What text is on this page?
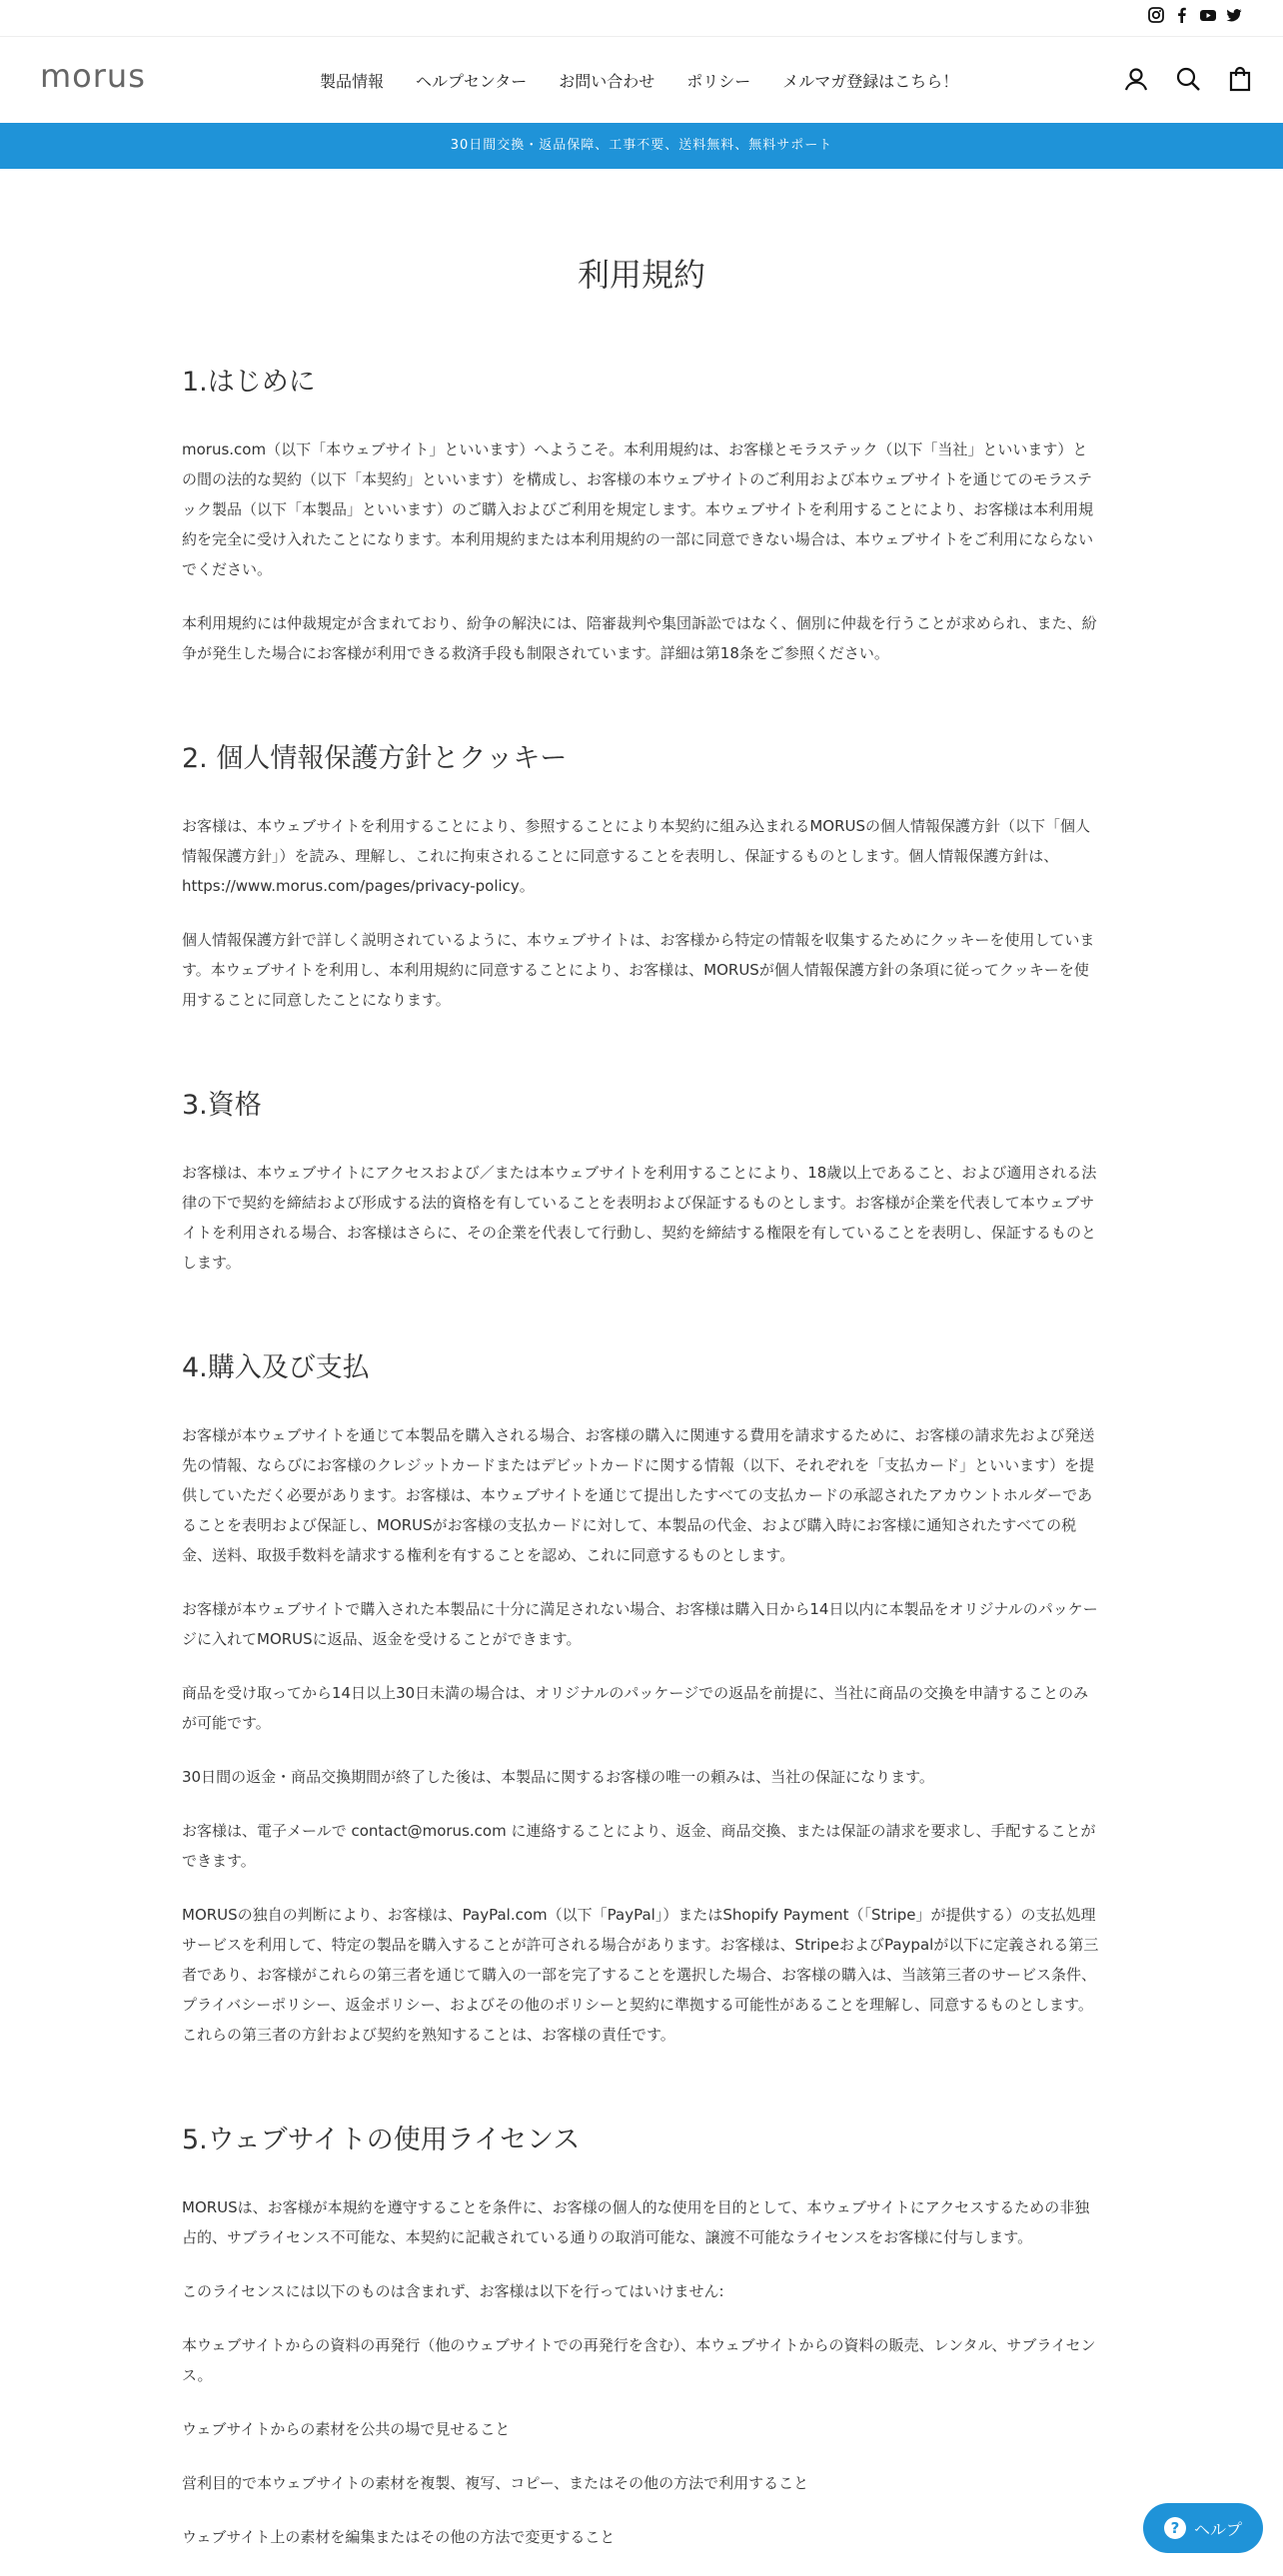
morus	製品情報 ヘルプセンター お問い合わせ ポリシー メルマガ登録はこちら！
30日間交換・返品保障、工事不要、送料無料、無料サポート
利用規約
1.はじめに

morus.com（以下「本ウェブサイト」といいます）へようこそ。本利用規約は、お客様とモラステック（以下「当社」といいます）との間の法的な契約（以下「本契約」といいます）を構成し、お客様の本ウェブサイトのご利用および本ウェブサイトを通じてのモラステック製品（以下「本製品」といいます）のご購入およびご利用を規定します。本ウェブサイトを利用することにより、お客様は本利用規約を完全に受け入れたことになります。本利用規約または本利用規約の一部に同意できない場合は、本ウェブサイトをご利用にならないでください。

本利用規約には仲裁規定が含まれており、紛争の解決には、陪審裁判や集団訴訟ではなく、個別に仲裁を行うことが求められ、また、紛争が発生した場合にお客様が利用できる救済手段も制限されています。詳細は第18条をご参照ください。

2. 個人情報保護方針とクッキー

お客様は、本ウェブサイトを利用することにより、参照することにより本契約に組み込まれるMORUSの個人情報保護方針（以下「個人情報保護方針」）を読み、理解し、これに拘束されることに同意することを表明し、保証するものとします。個人情報保護方針は、https://www.morus.com/pages/privacy-policy。

個人情報保護方針で詳しく説明されているように、本ウェブサイトは、お客様から特定の情報を収集するためにクッキーを使用しています。本ウェブサイトを利用し、本利用規約に同意することにより、お客様は、MORUSが個人情報保護方針の条項に従ってクッキーを使用することに同意したことになります。

3.資格

お客様は、本ウェブサイトにアクセスおよび／または本ウェブサイトを利用することにより、18歳以上であること、および適用される法律の下で契約を締結および形成する法的資格を有していることを表明および保証するものとします。お客様が企業を代表して本ウェブサイトを利用される場合、お客様はさらに、その企業を代表して行動し、契約を締結する権限を有していることを表明し、保証するものとします。

4.購入及び支払

お客様が本ウェブサイトを通じて本製品を購入される場合、お客様の購入に関連する費用を請求するために、お客様の請求先および発送先の情報、ならびにお客様のクレジットカードまたはデビットカードに関する情報（以下、それぞれを「支払カード」といいます）を提供していただく必要があります。お客様は、本ウェブサイトを通じて提出したすべての支払カードの承認されたアカウントホルダーであることを表明および保証し、MORUSがお客様の支払カードに対して、本製品の代金、および購入時にお客様に通知されたすべての税金、送料、取扱手数料を請求する権利を有することを認め、これに同意するものとします。

お客様が本ウェブサイトで購入された本製品に十分に満足されない場合、お客様は購入日から14日以内に本製品をオリジナルのパッケージに入れてMORUSに返品、返金を受けることができます。

商品を受け取ってから14日以上30日未満の場合は、オリジナルのパッケージでの返品を前提に、当社に商品の交換を申請することのみが可能です。

30日間の返金・商品交換期間が終了した後は、本製品に関するお客様の唯一の頼みは、当社の保証になります。

お客様は、電子メールで contact@morus.com に連絡することにより、返金、商品交換、または保証の請求を要求し、手配することができます。

MORUSの独自の判断により、お客様は、PayPal.com（以下「PayPal」）またはShopify Payment（「Stripe」が提供する）の支払処理サービスを利用して、特定の製品を購入することが許可される場合があります。お客様は、StripeおよびPaypalが以下に定義される第三者であり、お客様がこれらの第三者を通じて購入の一部を完了することを選択した場合、お客様の購入は、当該第三者のサービス条件、プライバシーポリシー、返金ポリシー、およびその他のポリシーと契約に準拠する可能性があることを理解し、同意するものとします。これらの第三者の方針および契約を熟知することは、お客様の責任です。

5.ウェブサイトの使用ライセンス

MORUSは、お客様が本規約を遵守することを条件に、お客様の個人的な使用を目的として、本ウェブサイトにアクセスするための非独占的、サブライセンス不可能な、本契約に記載されている通りの取消可能な、譲渡不可能なライセンスをお客様に付与します。

このライセンスには以下のものは含まれず、お客様は以下を行ってはいけません:

本ウェブサイトからの資料の再発行（他のウェブサイトでの再発行を含む）、本ウェブサイトからの資料の販売、レンタル、サブライセンス。

ウェブサイトからの素材を公共の場で見せること

営利目的で本ウェブサイトの素材を複製、複写、コピー、またはその他の方法で利用すること

ウェブサイト上の素材を編集またはその他の方法で変更すること	? ヘルプ
